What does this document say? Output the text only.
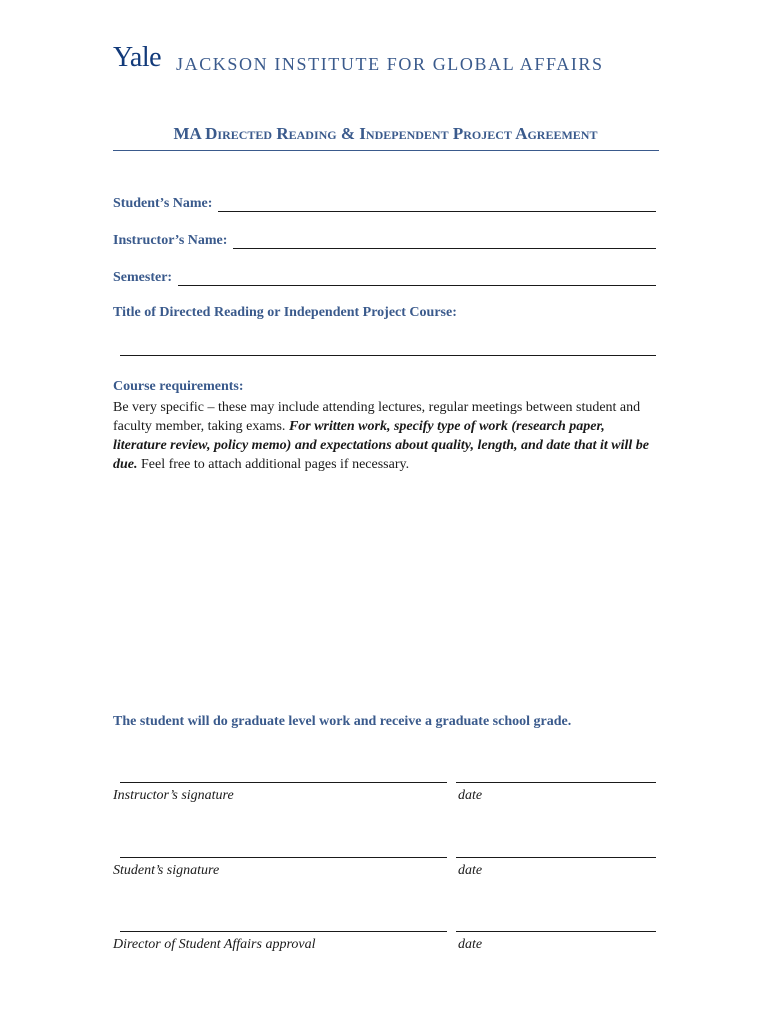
Yale JACKSON INSTITUTE FOR GLOBAL AFFAIRS
MA Directed Reading & Independent Project Agreement
Student’s Name:
Instructor’s Name:
Semester:
Title of Directed Reading or Independent Project Course:
Course requirements:
Be very specific – these may include attending lectures, regular meetings between student and faculty member, taking exams. For written work, specify type of work (research paper, literature review, policy memo) and expectations about quality, length, and date that it will be due. Feel free to attach additional pages if necessary.
The student will do graduate level work and receive a graduate school grade.
Instructor’s signature	date
Student’s signature	date
Director of Student Affairs approval	date
